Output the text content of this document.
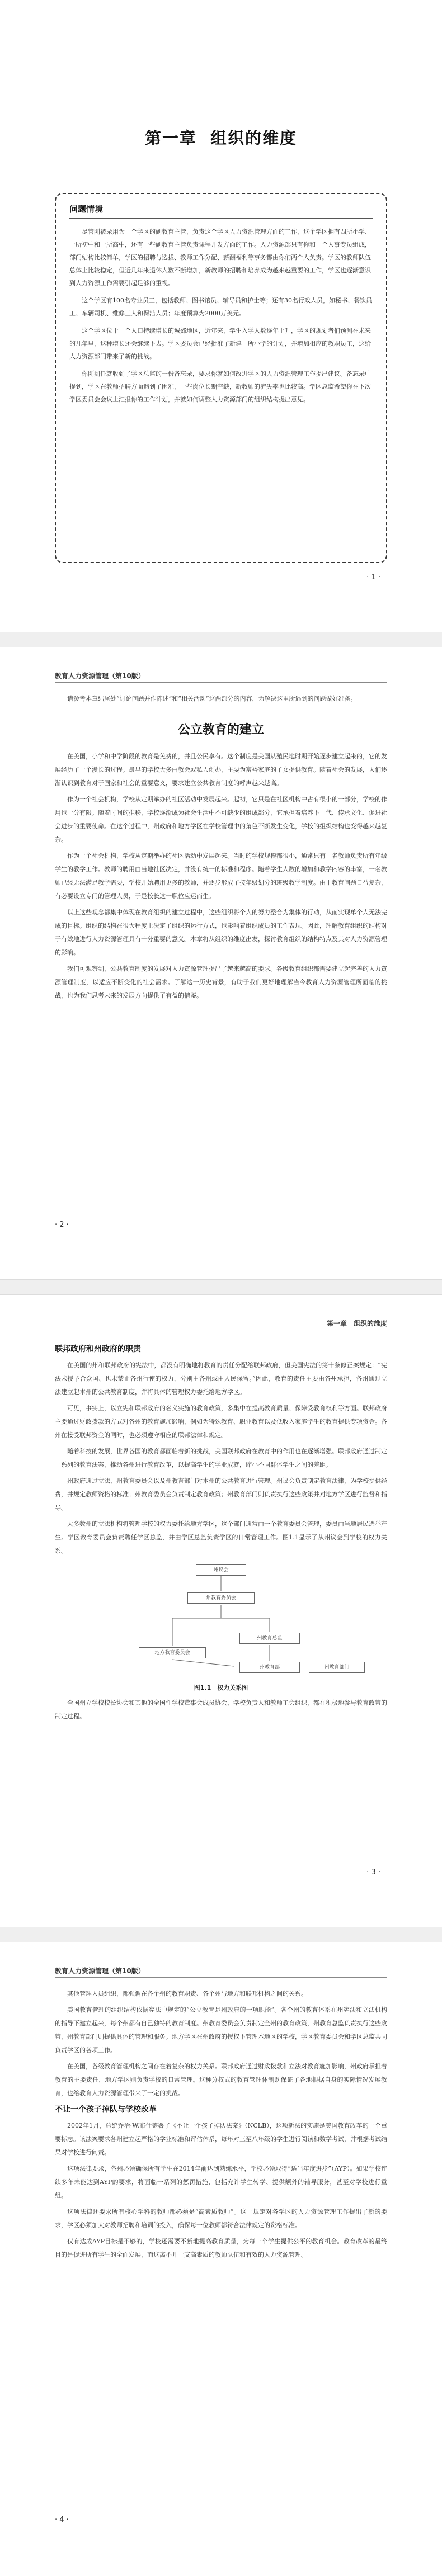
第一章 组织的维度
问题情境

尽管刚被录用为一个学区的副教育主管，负责这个学区人力资源管理方面的工作，这个学区拥有四所小学、一所初中和一所高中，还有一些副教育主管负责课程开发方面的工作。人力资源部只有你和一个人事专员组成，部门结构比较简单，学区的招聘与选拔、教师工作分配、薪酬福利等事务都由你们两个人负责。学区的教师队伍总体上比较稳定，但近几年来退休人数不断增加，新教师的招聘和培养成为越来越重要的工作，学区也逐渐意识到人力资源工作需要引起足够的重视。

这个学区有100名专业员工，包括教师、图书馆员、辅导员和护士等；还有30名行政人员，如秘书、餐饮员工、车辆司机、维修工人和保洁人员；年度预算为2000万美元。

这个学区位于一个人口持续增长的城郊地区，近年来，学生入学人数逐年上升，学区的规划者们预测在未来的几年里，这种增长还会继续下去。学区委员会已经批准了新建一所小学的计划，并增加相应的教职员工，这给人力资源部门带来了新的挑战。

你刚到任就收到了学区总监的一份备忘录，要求你就如何改进学区的人力资源管理工作提出建议。备忘录中提到，学区在教师招聘方面遇到了困难，一些岗位长期空缺，新教师的流失率也比较高。学区总监希望你在下次学区委员会会议上汇报你的工作计划，并就如何调整人力资源部门的组织结构提出意见。

· 1 ·
教育人力资源管理（第10版）

请参考本章结尾处“讨论问题并作陈述”和“相关活动”这两部分的内容，为解决这里所遇到的问题做好准备。

公立教育的建立

在美国，小学和中学阶段的教育是免费的，并且公民享有。这个制度是美国从殖民地时期开始逐步建立起来的，它的发展经历了一个漫长的过程。最早的学校大多由教会或私人创办，主要为富裕家庭的子女提供教育。随着社会的发展，人们逐渐认识到教育对于国家和社会的重要意义，要求建立公共教育制度的呼声越来越高。

作为一个社会机构，学校从定期举办的社区活动中发展起来。起初，它只是在社区机构中占有很小的一部分，学校的作用也十分有限。随着时间的推移，学校逐渐成为社会生活中不可缺少的组成部分，它承担着培养下一代、传承文化、促进社会进步的重要使命。在这个过程中，州政府和地方学区在学校管理中的角色不断发生变化，学校的组织结构也变得越来越复杂。

作为一个社会机构，学校从定期举办的社区活动中发展起来。当时的学校规模都很小，通常只有一名教师负责所有年级学生的教学工作。教师的聘用由当地社区决定，并没有统一的标准和程序。随着学生人数的增加和教学内容的丰富，一名教师已经无法满足教学需要，学校开始聘用更多的教师，并逐步形成了按年级划分的班级教学制度。由于教育问题日益复杂，有必要设立专门的管理人员，于是校长这一职位应运而生。

以上这些观念都集中体现在教育组织的建立过程中，这些组织将个人的努力整合为集体的行动，从而实现单个人无法完成的目标。组织的结构在很大程度上决定了组织的运行方式，也影响着组织成员的工作表现。因此，理解教育组织的结构对于有效地进行人力资源管理具有十分重要的意义。本章将从组织的维度出发，探讨教育组织的结构特点及其对人力资源管理的影响。

我们可观察到，公共教育制度的发展对人力资源管理提出了越来越高的要求。各级教育组织都需要建立起完善的人力资源管理制度，以适应不断变化的社会需求。了解这一历史背景，有助于我们更好地理解当今教育人力资源管理所面临的挑战，也为我们思考未来的发展方向提供了有益的借鉴。

· 2 ·
第一章　组织的维度
联邦政府和州政府的职责

在美国的州和联邦政府的宪法中，都没有明确地将教育的责任分配给联邦政府，但美国宪法的第十条修正案规定：“宪法未授予合众国、也未禁止各州行使的权力，分别由各州或由人民保留。”因此，教育的责任主要由各州承担，各州通过立法建立起本州的公共教育制度，并将具体的管理权力委托给地方学区。

可见，事实上，以立宪和联邦政府的名义实施的教育政策，多集中在提高教育质量、保障受教育权利等方面。联邦政府主要通过财政拨款的方式对各州的教育施加影响，例如为特殊教育、职业教育以及低收入家庭学生的教育提供专项资金。各州在接受联邦资金的同时，也必须遵守相应的联邦法律和规定。

随着科技的发展，世界各国的教育都面临着新的挑战，美国联邦政府在教育中的作用也在逐渐增强。联邦政府通过制定一系列的教育法案，推动各州进行教育改革，以提高学生的学业成就，缩小不同群体学生之间的差距。

州政府通过立法、州教育委员会以及州教育部门对本州的公共教育进行管理。州议会负责制定教育法律，为学校提供经费，并规定教师资格的标准；州教育委员会负责制定教育政策；州教育部门则负责执行这些政策并对地方学区进行监督和指导。

大多数州的立法机构将管理学校的权力委托给地方学区，这个部门通常由一个教育委员会管理，委员由当地居民选举产生。学区教育委员会负责聘任学区总监，并由学区总监负责学区的日常管理工作。图1.1显示了从州议会到学校的权力关系。

州议会
州教育委员会
州教育总监
地方教育委员会
州教育部	州教育部门
图1.1　权力关系图

全国州立学校校长协会和其他的全国性学校董事会成员协会、学校负责人和教师工会组织，都在积极地参与教育政策的制定过程。

· 3 ·
教育人力资源管理（第10版）

其他管理人员组织，都强调在各个州的教育职责、各个州与地方和联邦机构之间的关系。

美国教育管理的组织结构依据宪法中规定的“公立教育是州政府的一项职能”。各个州的教育体系在州宪法和立法机构的指导下建立起来，每个州都有自己独特的教育制度。州教育委员会负责制定全州的教育政策，州教育总监负责执行这些政策，州教育部门则提供具体的管理和服务。地方学区在州政府的授权下管理本地区的学校，学区教育委员会和学区总监共同负责学区的各项工作。

在美国，各级教育管理机构之间存在着复杂的权力关系。联邦政府通过财政拨款和立法对教育施加影响，州政府承担着教育的主要责任，地方学区则负责学校的日常管理。这种分权式的教育管理体制既保证了各地根据自身的实际情况发展教育，也给教育人力资源管理带来了一定的挑战。

不让一个孩子掉队与学校改革

2002年1月，总统乔治·W.布什签署了《不让一个孩子掉队法案》（NCLB），这项新法的实施是美国教育改革的一个重要标志。该法案要求各州建立起严格的学业标准和评估体系，每年对三至八年级的学生进行阅读和数学考试，并根据考试结果对学校进行问责。

这项法律要求，各州必须确保所有学生在2014年前达到熟练水平，学校必须取得“适当年度进步”（AYP）。如果学校连续多年未能达到AYP的要求，将面临一系列的惩罚措施，包括允许学生转学、提供额外的辅导服务，甚至对学校进行重组。

这项法律还要求所有核心学科的教师都必须是“高素质教师”。这一规定对各学区的人力资源管理工作提出了新的要求，学区必须加大对教师招聘和培训的投入，确保每一位教师都符合法律规定的资格标准。

仅有达成AYP目标是不够的，学校还需要不断地提高教育质量，为每一个学生提供公平的教育机会。教育改革的最终目的是促进所有学生的全面发展，而这离不开一支高素质的教师队伍和有效的人力资源管理。

· 4 ·
